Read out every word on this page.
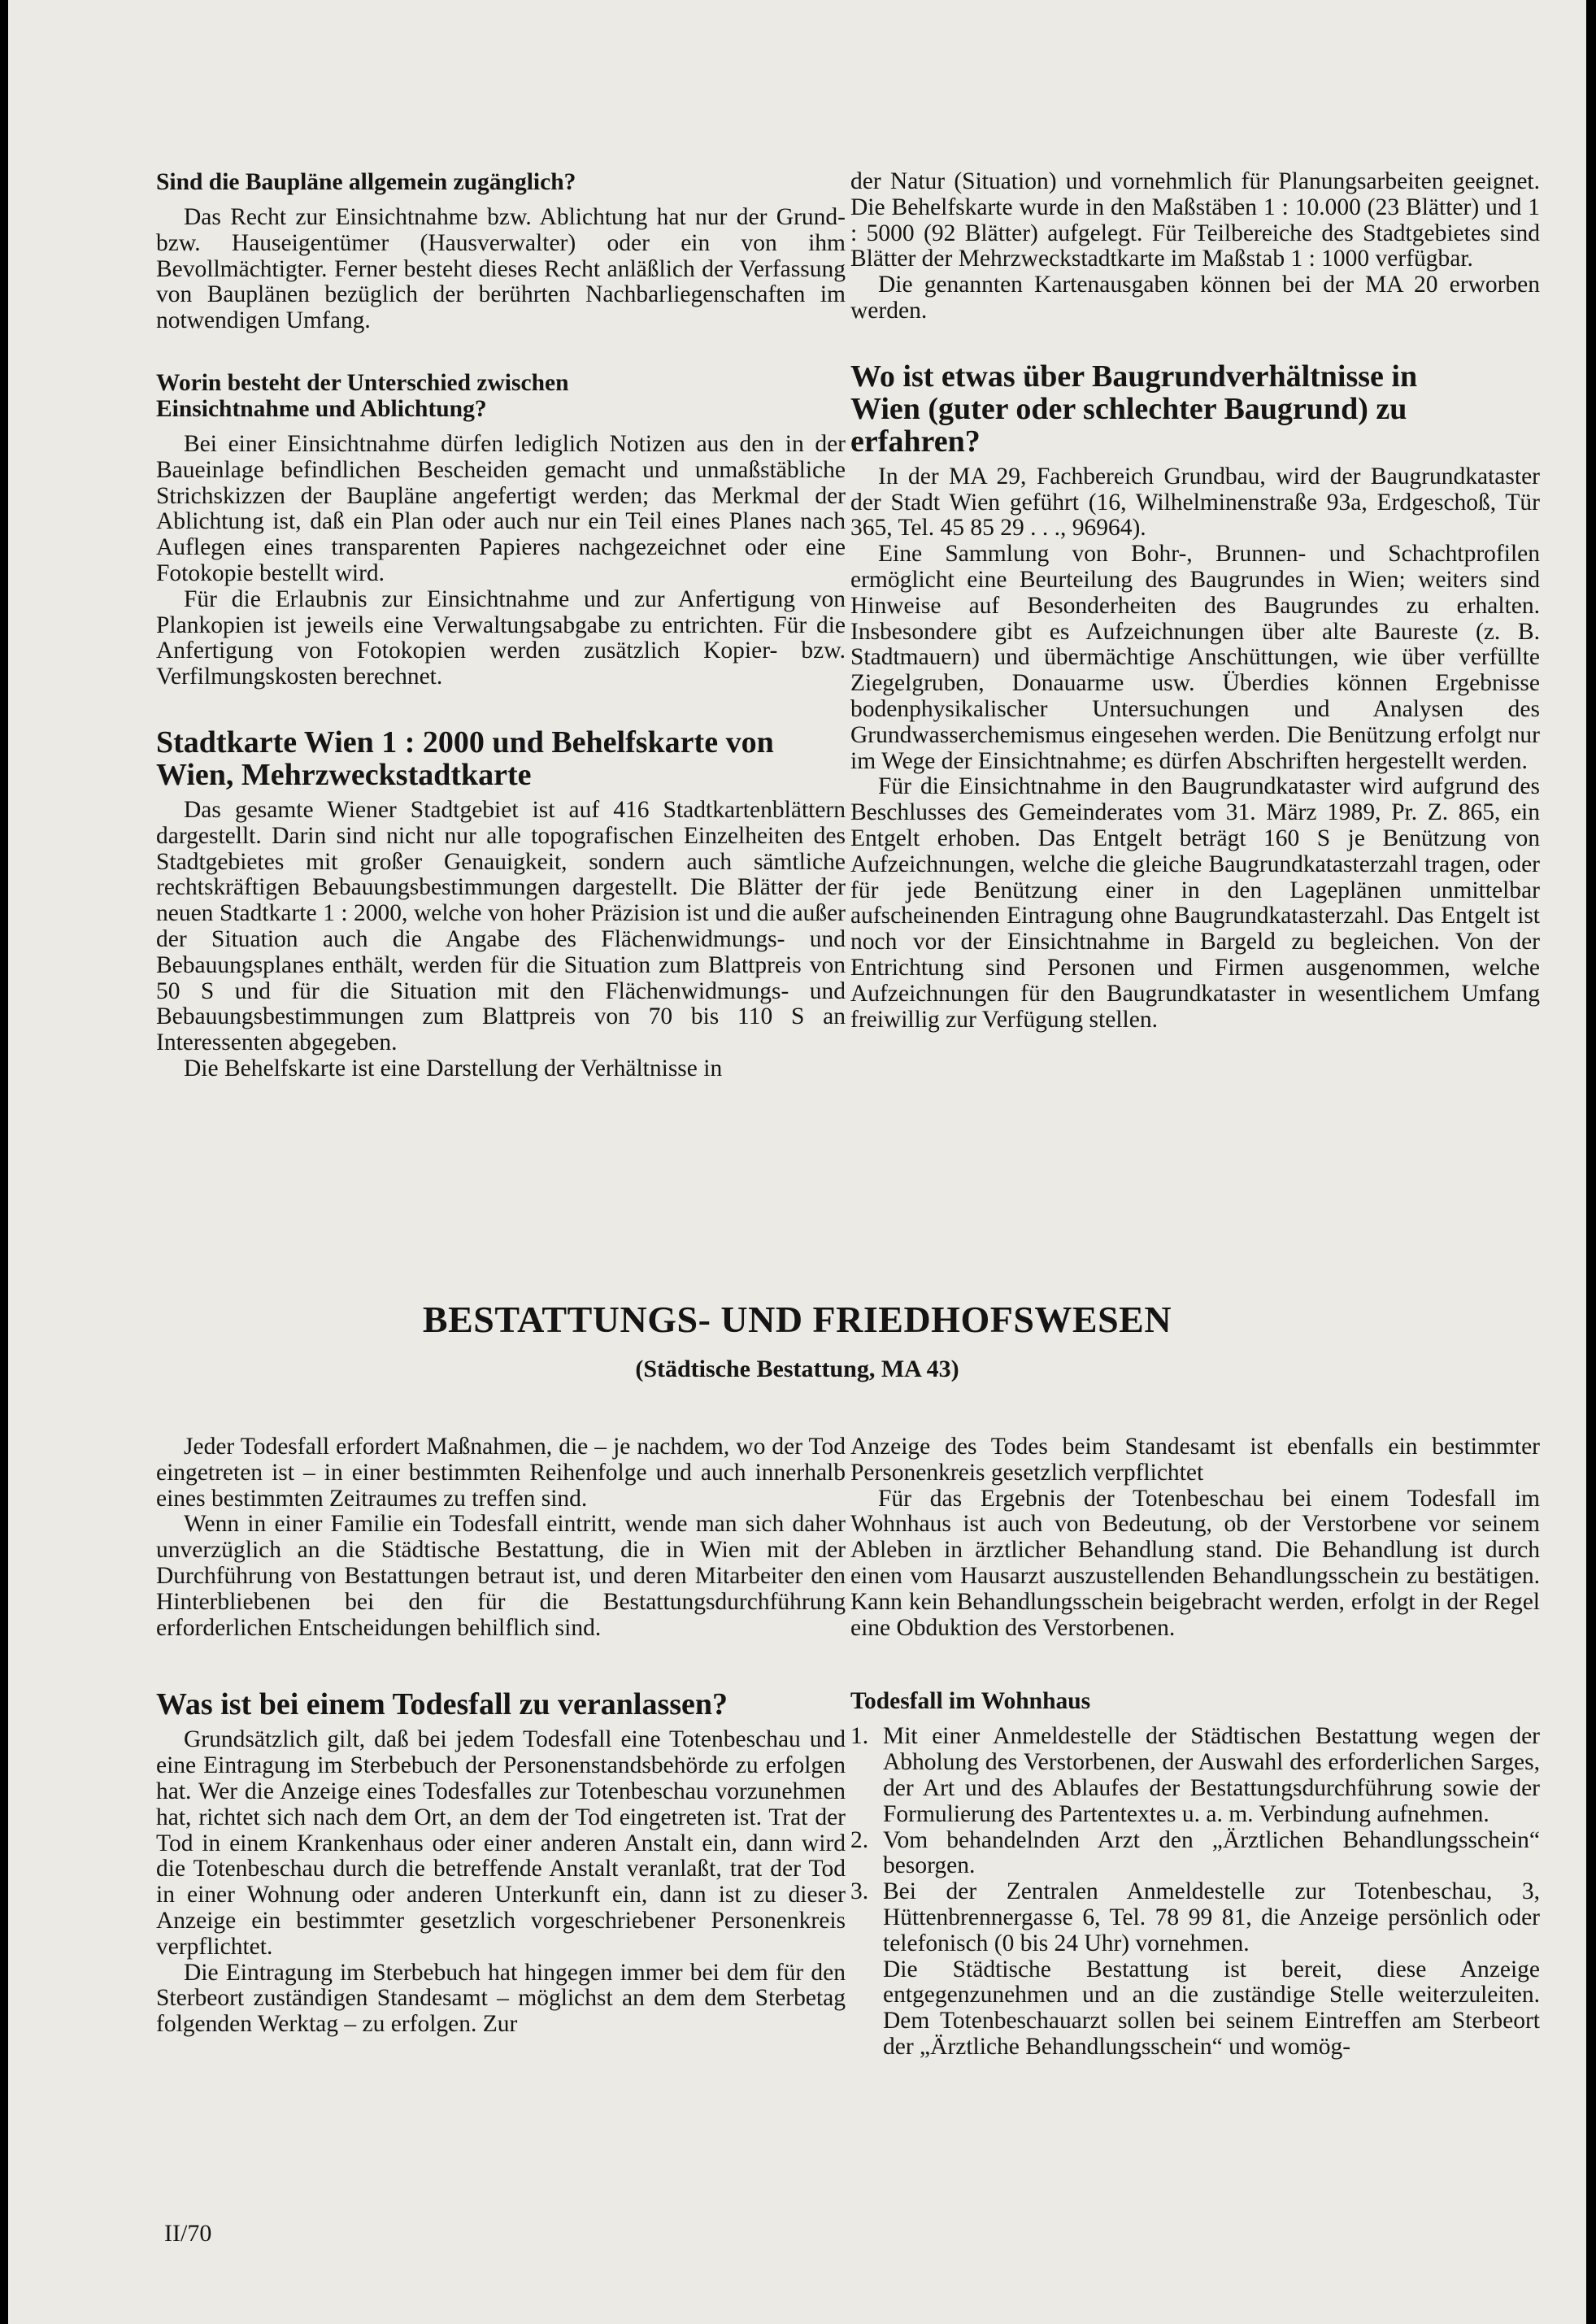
Sind die Baupläne allgemein zugänglich?

Das Recht zur Einsichtnahme bzw. Ablichtung hat nur der Grund- bzw. Hauseigentümer (Hausverwalter) oder ein von ihm Bevollmächtigter. Ferner besteht dieses Recht anläßlich der Verfassung von Bauplänen bezüglich der berührten Nachbarliegenschaften im notwendigen Umfang.

Worin besteht der Unterschied zwischen Einsichtnahme und Ablichtung?

Bei einer Einsichtnahme dürfen lediglich Notizen aus den in der Baueinlage befindlichen Bescheiden gemacht und unmaßstäbliche Strichskizzen der Baupläne angefertigt werden; das Merkmal der Ablichtung ist, daß ein Plan oder auch nur ein Teil eines Planes nach Auflegen eines transparenten Papieres nachgezeichnet oder eine Fotokopie bestellt wird.

Für die Erlaubnis zur Einsichtnahme und zur Anfertigung von Plankopien ist jeweils eine Verwaltungsabgabe zu entrichten. Für die Anfertigung von Fotokopien werden zusätzlich Kopier- bzw. Verfilmungskosten berechnet.

Stadtkarte Wien 1 : 2000 und Behelfskarte von Wien, Mehrzweckstadtkarte

Das gesamte Wiener Stadtgebiet ist auf 416 Stadtkartenblättern dargestellt. Darin sind nicht nur alle topografischen Einzelheiten des Stadtgebietes mit großer Genauigkeit, sondern auch sämtliche rechtskräftigen Bebauungsbestimmungen dargestellt. Die Blätter der neuen Stadtkarte 1 : 2000, welche von hoher Präzision ist und die außer der Situation auch die Angabe des Flächenwidmungs- und Bebauungsplanes enthält, werden für die Situation zum Blattpreis von 50 S und für die Situation mit den Flächenwidmungs- und Bebauungsbestimmungen zum Blattpreis von 70 bis 110 S an Interessenten abgegeben.

Die Behelfskarte ist eine Darstellung der Verhältnisse in

der Natur (Situation) und vornehmlich für Planungsarbeiten geeignet. Die Behelfskarte wurde in den Maßstäben 1 : 10.000 (23 Blätter) und 1 : 5000 (92 Blätter) aufgelegt. Für Teilbereiche des Stadtgebietes sind Blätter der Mehrzweckstadtkarte im Maßstab 1 : 1000 verfügbar.

Die genannten Kartenausgaben können bei der MA 20 erworben werden.

Wo ist etwas über Baugrundverhältnisse in Wien (guter oder schlechter Baugrund) zu erfahren?

In der MA 29, Fachbereich Grundbau, wird der Baugrundkataster der Stadt Wien geführt (16, Wilhelminenstraße 93a, Erdgeschoß, Tür 365, Tel. 45 85 29 . . ., 96964).

Eine Sammlung von Bohr-, Brunnen- und Schachtprofilen ermöglicht eine Beurteilung des Baugrundes in Wien; weiters sind Hinweise auf Besonderheiten des Baugrundes zu erhalten. Insbesondere gibt es Aufzeichnungen über alte Baureste (z. B. Stadtmauern) und übermächtige Anschüttungen, wie über verfüllte Ziegelgruben, Donauarme usw. Überdies können Ergebnisse bodenphysikalischer Untersuchungen und Analysen des Grundwasserchemismus eingesehen werden. Die Benützung erfolgt nur im Wege der Einsichtnahme; es dürfen Abschriften hergestellt werden.

Für die Einsichtnahme in den Baugrundkataster wird aufgrund des Beschlusses des Gemeinderates vom 31. März 1989, Pr. Z. 865, ein Entgelt erhoben. Das Entgelt beträgt 160 S je Benützung von Aufzeichnungen, welche die gleiche Baugrundkatasterzahl tragen, oder für jede Benützung einer in den Lageplänen unmittelbar aufscheinenden Eintragung ohne Baugrundkatasterzahl. Das Entgelt ist noch vor der Einsichtnahme in Bargeld zu begleichen. Von der Entrichtung sind Personen und Firmen ausgenommen, welche Aufzeichnungen für den Baugrundkataster in wesentlichem Umfang freiwillig zur Verfügung stellen.

BESTATTUNGS- UND FRIEDHOFSWESEN
(Städtische Bestattung, MA 43)

Jeder Todesfall erfordert Maßnahmen, die – je nachdem, wo der Tod eingetreten ist – in einer bestimmten Reihenfolge und auch innerhalb eines bestimmten Zeitraumes zu treffen sind.

Wenn in einer Familie ein Todesfall eintritt, wende man sich daher unverzüglich an die Städtische Bestattung, die in Wien mit der Durchführung von Bestattungen betraut ist, und deren Mitarbeiter den Hinterbliebenen bei den für die Bestattungsdurchführung erforderlichen Entscheidungen behilflich sind.

Was ist bei einem Todesfall zu veranlassen?

Grundsätzlich gilt, daß bei jedem Todesfall eine Totenbeschau und eine Eintragung im Sterbebuch der Personenstandsbehörde zu erfolgen hat. Wer die Anzeige eines Todesfalles zur Totenbeschau vorzunehmen hat, richtet sich nach dem Ort, an dem der Tod eingetreten ist. Trat der Tod in einem Krankenhaus oder einer anderen Anstalt ein, dann wird die Totenbeschau durch die betreffende Anstalt veranlaßt, trat der Tod in einer Wohnung oder anderen Unterkunft ein, dann ist zu dieser Anzeige ein bestimmter gesetzlich vorgeschriebener Personenkreis verpflichtet.

Die Eintragung im Sterbebuch hat hingegen immer bei dem für den Sterbeort zuständigen Standesamt – möglichst an dem dem Sterbetag folgenden Werktag – zu erfolgen. Zur

Anzeige des Todes beim Standesamt ist ebenfalls ein bestimmter Personenkreis gesetzlich verpflichtet

Für das Ergebnis der Totenbeschau bei einem Todesfall im Wohnhaus ist auch von Bedeutung, ob der Verstorbene vor seinem Ableben in ärztlicher Behandlung stand. Die Behandlung ist durch einen vom Hausarzt auszustellenden Behandlungsschein zu bestätigen. Kann kein Behandlungsschein beigebracht werden, erfolgt in der Regel eine Obduktion des Verstorbenen.

Todesfall im Wohnhaus
1. Mit einer Anmeldestelle der Städtischen Bestattung wegen der Abholung des Verstorbenen, der Auswahl des erforderlichen Sarges, der Art und des Ablaufes der Bestattungsdurchführung sowie der Formulierung des Partentextes u. a. m. Verbindung aufnehmen.
2. Vom behandelnden Arzt den „Ärztlichen Behandlungsschein“ besorgen.
3. Bei der Zentralen Anmeldestelle zur Totenbeschau, 3, Hüttenbrennergasse 6, Tel. 78 99 81, die Anzeige persönlich oder telefonisch (0 bis 24 Uhr) vornehmen.

Die Städtische Bestattung ist bereit, diese Anzeige entgegenzunehmen und an die zuständige Stelle weiterzuleiten. Dem Totenbeschauarzt sollen bei seinem Eintreffen am Sterbeort der „Ärztliche Behandlungsschein“ und womög-

II/70
